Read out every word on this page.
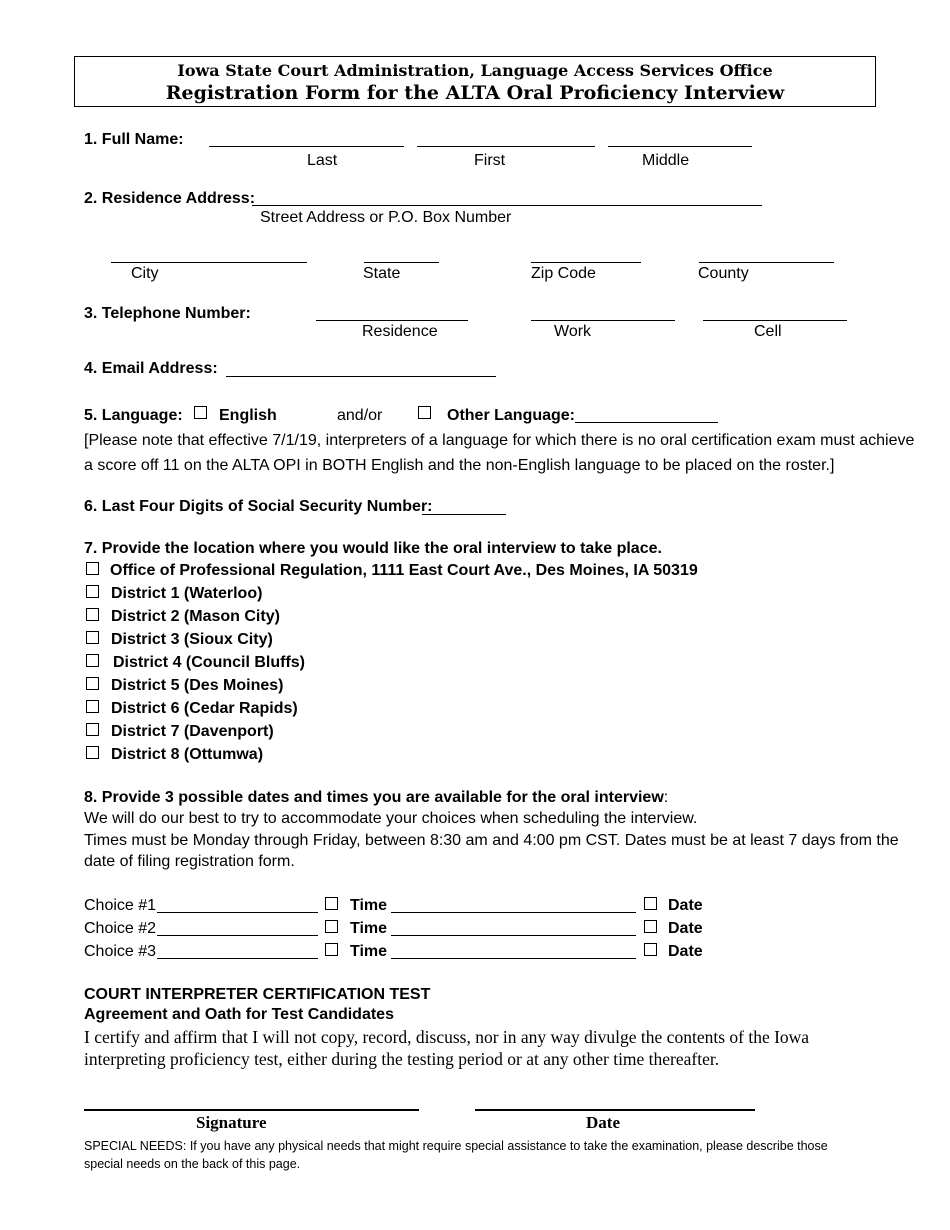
Iowa State Court Administration, Language Access Services Office
Registration Form for the ALTA Oral Proficiency Interview
1. Full Name:
Last	First	Middle
2. Residence Address:
Street Address or P.O. Box Number
City	State	Zip Code	County
3. Telephone Number:
Residence	Work	Cell
4. Email Address:
5. Language: English	and/or	Other Language:
[Please note that effective 7/1/19, interpreters of a language for which there is no oral certification exam must achieve
a score off 11 on the ALTA OPI in BOTH English and the non-English language to be placed on the roster.]
6. Last Four Digits of Social Security Number:
7. Provide the location where you would like the oral interview to take place.
Office of Professional Regulation, 1111 East Court Ave., Des Moines, IA 50319
District 1 (Waterloo)
District 2 (Mason City)
District 3 (Sioux City)
District 4 (Council Bluffs)
District 5 (Des Moines)
District 6 (Cedar Rapids)
District 7 (Davenport)
District 8 (Ottumwa)
8. Provide 3 possible dates and times you are available for the oral interview:
We will do our best to try to accommodate your choices when scheduling the interview.
Times must be Monday through Friday, between 8:30 am and 4:00 pm CST. Dates must be at least 7 days from the
date of filing registration form.
Choice #1	Time	Date
Choice #2	Time	Date
Choice #3	Time	Date
COURT INTERPRETER CERTIFICATION TEST
Agreement and Oath for Test Candidates
I certify and affirm that I will not copy, record, discuss, nor in any way divulge the contents of the Iowa
interpreting proficiency test, either during the testing period or at any other time thereafter.
Signature	Date
SPECIAL NEEDS: If you have any physical needs that might require special assistance to take the examination, please describe those
special needs on the back of this page.
